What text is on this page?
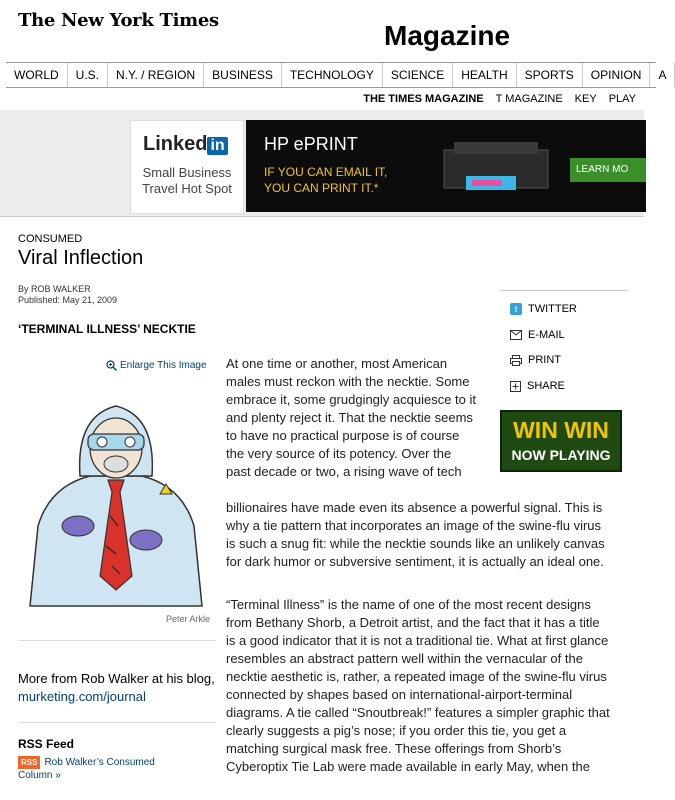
The New York Times	Magazine
WORLD	U.S.	N.Y. / REGION	BUSINESS	TECHNOLOGY	SCIENCE	HEALTH	SPORTS	OPINION	A
THE TIMES MAGAZINE T MAGAZINE KEY PLAY
Linked in
Small Business
Travel Hot Spot
HP ePRINT
IF YOU CAN EMAIL IT,
YOU CAN PRINT IT.*
LEARN MO
CONSUMED
Viral Inflection
By ROB WALKER
Published: May 21, 2009
‘TERMINAL ILLNESS’ NECKTIE
Enlarge This Image
Peter Arkle
More from Rob Walker at his blog, murketing.com/journal
RSS Feed
RSS Rob Walker’s Consumed
Column »
t TWITTER
E-MAIL
PRINT
SHARE
WIN WIN
NOW PLAYING
At one time or another, most American
males must reckon with the necktie. Some
embrace it, some grudgingly acquiesce to it
and plenty reject it. That the necktie seems
to have no practical purpose is of course
the very source of its potency. Over the
past decade or two, a rising wave of tech
billionaires have made even its absence a powerful signal. This is
why a tie pattern that incorporates an image of the swine-flu virus
is such a snug fit: while the necktie sounds like an unlikely canvas
for dark humor or subversive sentiment, it is actually an ideal one.
“Terminal Illness” is the name of one of the most recent designs
from Bethany Shorb, a Detroit artist, and the fact that it has a title
is a good indicator that it is not a traditional tie. What at first glance
resembles an abstract pattern well within the vernacular of the
necktie aesthetic is, rather, a repeated image of the swine-flu virus
connected by shapes based on international-airport-terminal
diagrams. A tie called “Snoutbreak!” features a simpler graphic that
clearly suggests a pig’s nose; if you order this tie, you get a
matching surgical mask free. These offerings from Shorb’s
Cyberoptix Tie Lab were made available in early May, when the
